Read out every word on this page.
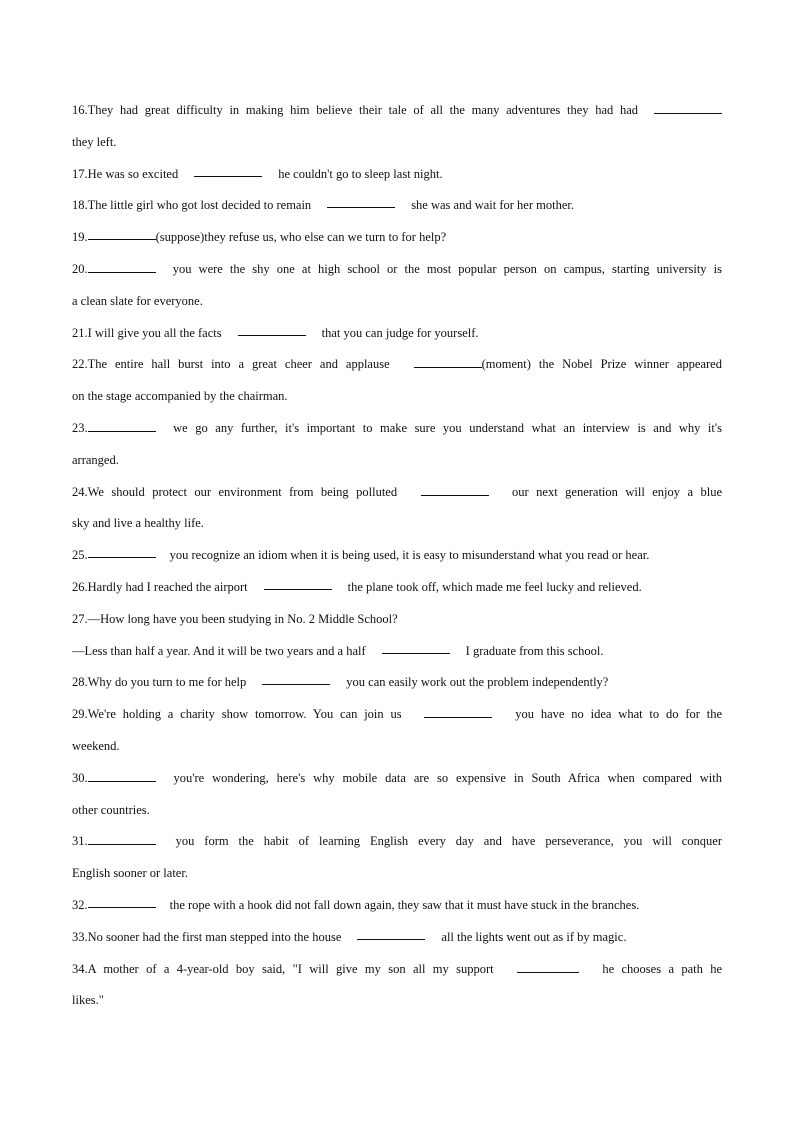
16.They had great difficulty in making him believe their tale of all the many adventures they had had
they left.
17. He was so excited	he couldn't go to sleep last night.
18. The little girl who got lost decided to remain	she was and wait for her mother.
19.	(suppose)they refuse us, who else can we turn to for help?
20.	you were the shy one at high school or the most popular person on campus, starting university is
a clean slate for everyone.
21. I will give you all the facts	that you can judge for yourself.
22.The entire hall burst into a great cheer and applause	(moment) the Nobel Prize winner appeared
on the stage accompanied by the chairman.
23.	we go any further, it's important to make sure you understand what an interview is and why it's
arranged.
24.We should protect our environment from being polluted	our next generation will enjoy a blue
sky and live a healthy life.
25.	you recognize an idiom when it is being used, it is easy to misunderstand what you read or hear.
26. Hardly had I reached the airport	the plane took off, which made me feel lucky and relieved.
27. —How long have you been studying in No. 2 Middle School?
—Less than half a year. And it will be two years and a half	I graduate from this school.
28. Why do you turn to me for help	you can easily work out the problem independently?
29.We're holding a charity show tomorrow. You can join us	you have no idea what to do for the
weekend.
30.	you're wondering, here's why mobile data are so expensive in South Africa when compared with
other countries.
31.	you form the habit of learning English every day and have perseverance, you will conquer
English sooner or later.
32.	the rope with a hook did not fall down again, they saw that it must have stuck in the branches.
33. No sooner had the first man stepped into the house	all the lights went out as if by magic.
34.A mother of a 4-year-old boy said, "I will give my son all my support	he chooses a path he
likes."
